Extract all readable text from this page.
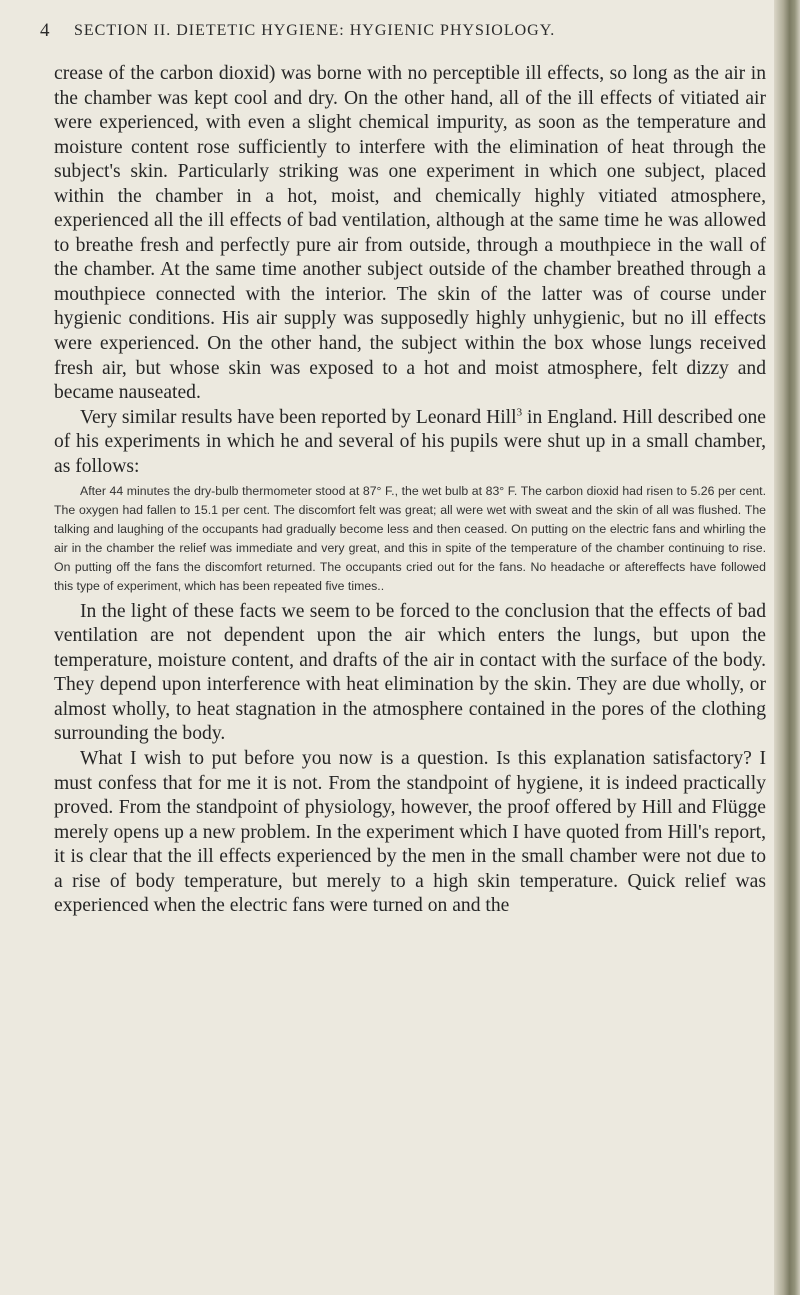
4 SECTION II. DIETETIC HYGIENE: HYGIENIC PHYSIOLOGY.

crease of the carbon dioxid) was borne with no perceptible ill effects, so long as the air in the chamber was kept cool and dry. On the other hand, all of the ill effects of vitiated air were experienced, with even a slight chemical impurity, as soon as the temperature and moisture content rose sufficiently to interfere with the elimination of heat through the subject's skin. Particularly striking was one experiment in which one subject, placed within the chamber in a hot, moist, and chemically highly vitiated atmosphere, experienced all the ill effects of bad ventilation, although at the same time he was allowed to breathe fresh and perfectly pure air from outside, through a mouthpiece in the wall of the chamber. At the same time another subject outside of the chamber breathed through a mouthpiece connected with the interior. The skin of the latter was of course under hygienic conditions. His air supply was supposedly highly unhygienic, but no ill effects were experienced. On the other hand, the subject within the box whose lungs received fresh air, but whose skin was exposed to a hot and moist atmosphere, felt dizzy and became nauseated.

Very similar results have been reported by Leonard Hill$^3$ in England. Hill described one of his experiments in which he and several of his pupils were shut up in a small chamber, as follows:

After 44 minutes the dry-bulb thermometer stood at 87° F., the wet bulb at 83° F. The carbon dioxid had risen to 5.26 per cent. The oxygen had fallen to 15.1 per cent. The discomfort felt was great; all were wet with sweat and the skin of all was flushed. The talking and laughing of the occupants had gradually become less and then ceased. On putting on the electric fans and whirling the air in the chamber the relief was immediate and very great, and this in spite of the temperature of the chamber continuing to rise. On putting off the fans the discomfort returned. The occupants cried out for the fans. No headache or aftereffects have followed this type of experiment, which has been repeated five times..

In the light of these facts we seem to be forced to the conclusion that the effects of bad ventilation are not dependent upon the air which enters the lungs, but upon the temperature, moisture content, and drafts of the air in contact with the surface of the body. They depend upon interference with heat elimination by the skin. They are due wholly, or almost wholly, to heat stagnation in the atmosphere contained in the pores of the clothing surrounding the body.

What I wish to put before you now is a question. Is this explanation satisfactory? I must confess that for me it is not. From the standpoint of hygiene, it is indeed practically proved. From the standpoint of physiology, however, the proof offered by Hill and Flügge merely opens up a new problem. In the experiment which I have quoted from Hill's report, it is clear that the ill effects experienced by the men in the small chamber were not due to a rise of body temperature, but merely to a high skin temperature. Quick relief was experienced when the electric fans were turned on and the
